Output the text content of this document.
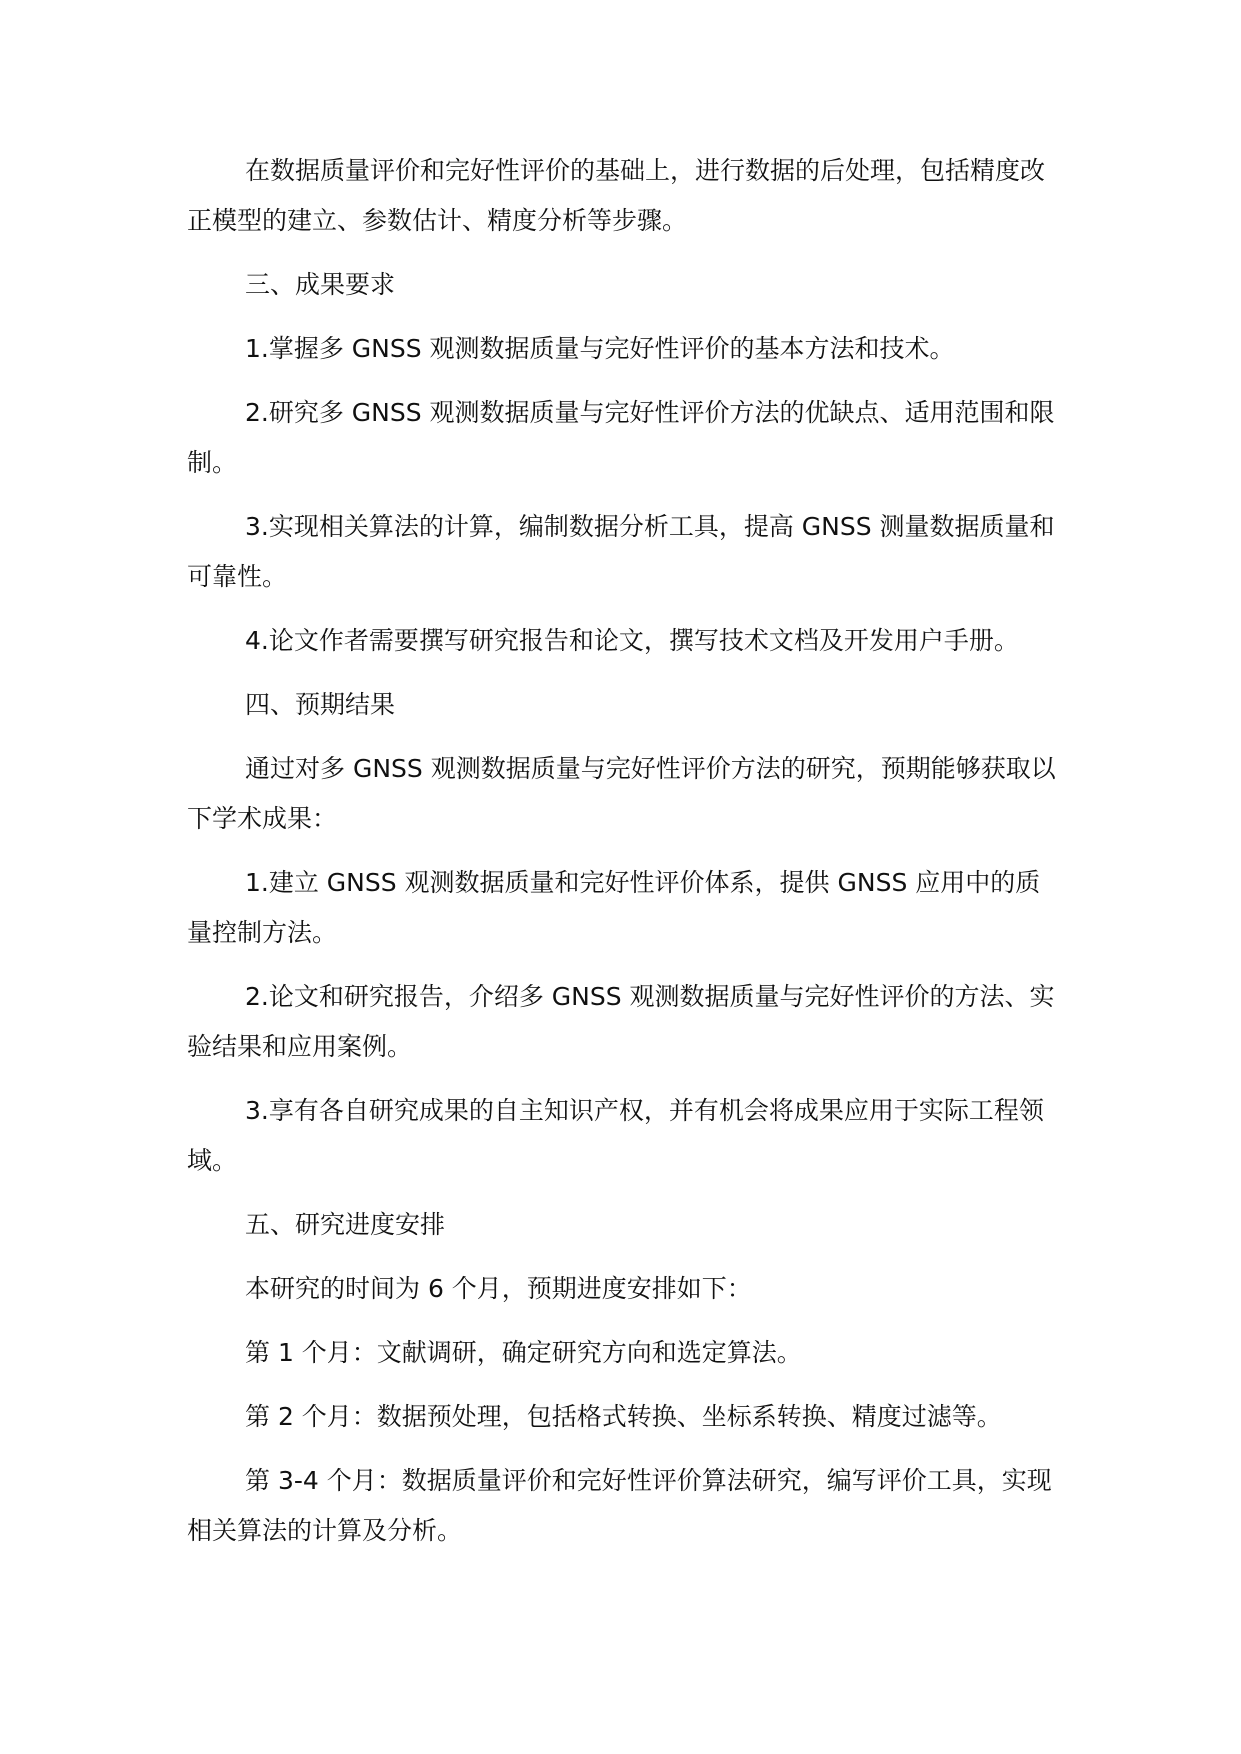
在数据质量评价和完好性评价的基础上，进行数据的后处理，包括精度改正模型的建立、参数估计、精度分析等步骤。

三、成果要求

1.掌握多 GNSS 观测数据质量与完好性评价的基本方法和技术。

2.研究多 GNSS 观测数据质量与完好性评价方法的优缺点、适用范围和限制。

3.实现相关算法的计算，编制数据分析工具，提高 GNSS 测量数据质量和可靠性。

4.论文作者需要撰写研究报告和论文，撰写技术文档及开发用户手册。

四、预期结果

通过对多 GNSS 观测数据质量与完好性评价方法的研究，预期能够获取以下学术成果：

1.建立 GNSS 观测数据质量和完好性评价体系，提供 GNSS 应用中的质量控制方法。

2.论文和研究报告，介绍多 GNSS 观测数据质量与完好性评价的方法、实验结果和应用案例。

3.享有各自研究成果的自主知识产权，并有机会将成果应用于实际工程领域。

五、研究进度安排

本研究的时间为 6 个月，预期进度安排如下：

第 1 个月：文献调研，确定研究方向和选定算法。

第 2 个月：数据预处理，包括格式转换、坐标系转换、精度过滤等。

第 3-4 个月：数据质量评价和完好性评价算法研究，编写评价工具，实现相关算法的计算及分析。
